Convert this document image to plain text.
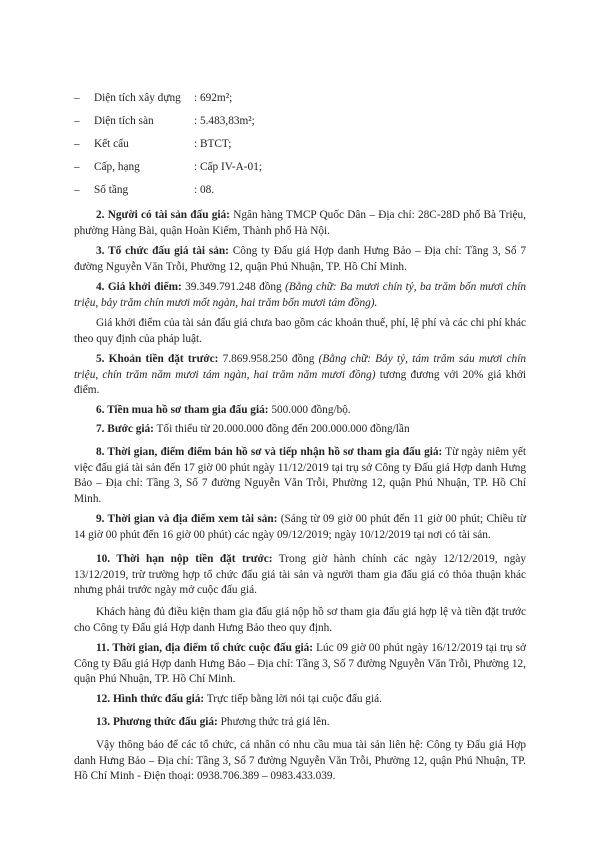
– Diện tích xây dựng : 692m²;
– Diện tích sàn	: 5.483,83m²;
– Kết cấu	: BTCT;
– Cấp, hạng	: Cấp IV-A-01;
– Số tầng	: 08.
2. Người có tài sản đấu giá: Ngân hàng TMCP Quốc Dân – Địa chỉ: 28C-28D phố Bà Triệu, phường Hàng Bài, quận Hoàn Kiếm, Thành phố Hà Nội.
3. Tổ chức đấu giá tài sản: Công ty Đấu giá Hợp danh Hưng Bảo – Địa chỉ: Tầng 3, Số 7 đường Nguyễn Văn Trỗi, Phường 12, quận Phú Nhuận, TP. Hồ Chí Minh.
4. Giá khởi điểm: 39.349.791.248 đồng (Bằng chữ: Ba mươi chín tỷ, ba trăm bốn mươi chín triệu, bảy trăm chín mươi mốt ngàn, hai trăm bốn mươi tám đồng).
Giá khởi điểm của tài sản đấu giá chưa bao gồm các khoản thuế, phí, lệ phí và các chi phí khác theo quy định của pháp luật.
5. Khoản tiền đặt trước: 7.869.958.250 đồng (Bằng chữ: Bảy tỷ, tám trăm sáu mươi chín triệu, chín trăm năm mươi tám ngàn, hai trăm năm mươi đồng) tương đương với 20% giá khởi điểm.
6. Tiền mua hồ sơ tham gia đấu giá: 500.000 đồng/bộ.
7. Bước giá: Tối thiểu từ 20.000.000 đồng đến 200.000.000 đồng/lần
8. Thời gian, điểm điểm bán hồ sơ và tiếp nhận hồ sơ tham gia đấu giá: Từ ngày niêm yết việc đấu giá tài sản đến 17 giờ 00 phút ngày 11/12/2019 tại trụ sở Công ty Đấu giá Hợp danh Hưng Bảo – Địa chỉ: Tầng 3, Số 7 đường Nguyễn Văn Trỗi, Phường 12, quận Phú Nhuận, TP. Hồ Chí Minh.
9. Thời gian và địa điểm xem tài sản: (Sáng từ 09 giờ 00 phút đến 11 giờ 00 phút; Chiều từ 14 giờ 00 phút đến 16 giờ 00 phút) các ngày 09/12/2019; ngày 10/12/2019 tại nơi có tài sản.
10. Thời hạn nộp tiền đặt trước: Trong giờ hành chính các ngày 12/12/2019, ngày 13/12/2019, trừ trường hợp tổ chức đấu giá tài sản và người tham gia đấu giá có thỏa thuận khác nhưng phải trước ngày mở cuộc đấu giá.
Khách hàng đủ điều kiện tham gia đấu giá nộp hồ sơ tham gia đấu giá hợp lệ và tiền đặt trước cho Công ty Đấu giá Hợp danh Hưng Bảo theo quy định.
11. Thời gian, địa điểm tổ chức cuộc đấu giá: Lúc 09 giờ 00 phút ngày 16/12/2019 tại trụ sở Công ty Đấu giá Hợp danh Hưng Bảo – Địa chỉ: Tầng 3, Số 7 đường Nguyễn Văn Trỗi, Phường 12, quận Phú Nhuận, TP. Hồ Chí Minh.
12. Hình thức đấu giá: Trực tiếp bằng lời nói tại cuộc đấu giá.
13. Phương thức đấu giá: Phương thức trả giá lên.
Vậy thông báo để các tổ chức, cá nhân có nhu cầu mua tài sản liên hệ: Công ty Đấu giá Hợp danh Hưng Bảo – Địa chỉ: Tầng 3, Số 7 đường Nguyễn Văn Trỗi, Phường 12, quận Phú Nhuận, TP. Hồ Chí Minh - Điện thoại: 0938.706.389 – 0983.433.039.
